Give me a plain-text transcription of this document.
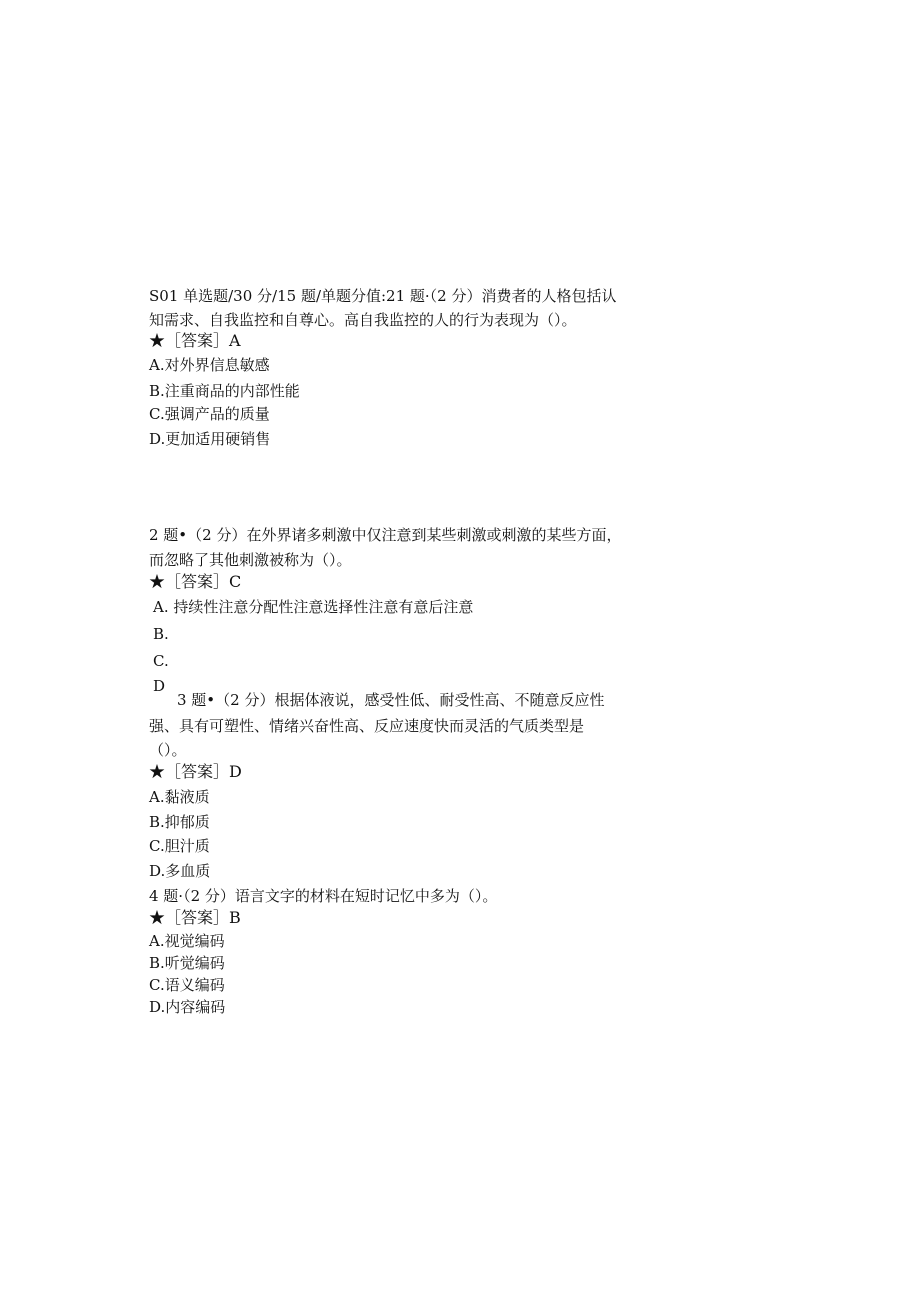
S01 单选题/30 分/15 题/单题分值:21 题·（2 分）消费者的人格包括认
知需求、自我监控和自尊心。高自我监控的人的行为表现为（）。
★［答案］A
A.对外界信息敏感
B.注重商品的内部性能
C.强调产品的质量
D.更加适用硬销售
2 题•（2 分）在外界诸多刺激中仅注意到某些刺激或刺激的某些方面，
而忽略了其他刺激被称为（）。
★［答案］C
A. 持续性注意分配性注意选择性注意有意后注意
B.
C.
D
3 题•（2 分）根据体液说，感受性低、耐受性高、不随意反应性
强、具有可塑性、情绪兴奋性高、反应速度快而灵活的气质类型是
（）。
★［答案］D
A.黏液质
B.抑郁质
C.胆汁质
D.多血质
4 题·（2 分）语言文字的材料在短时记忆中多为（）。
★［答案］B
A.视觉编码
B.听觉编码
C.语义编码
D.内容编码
